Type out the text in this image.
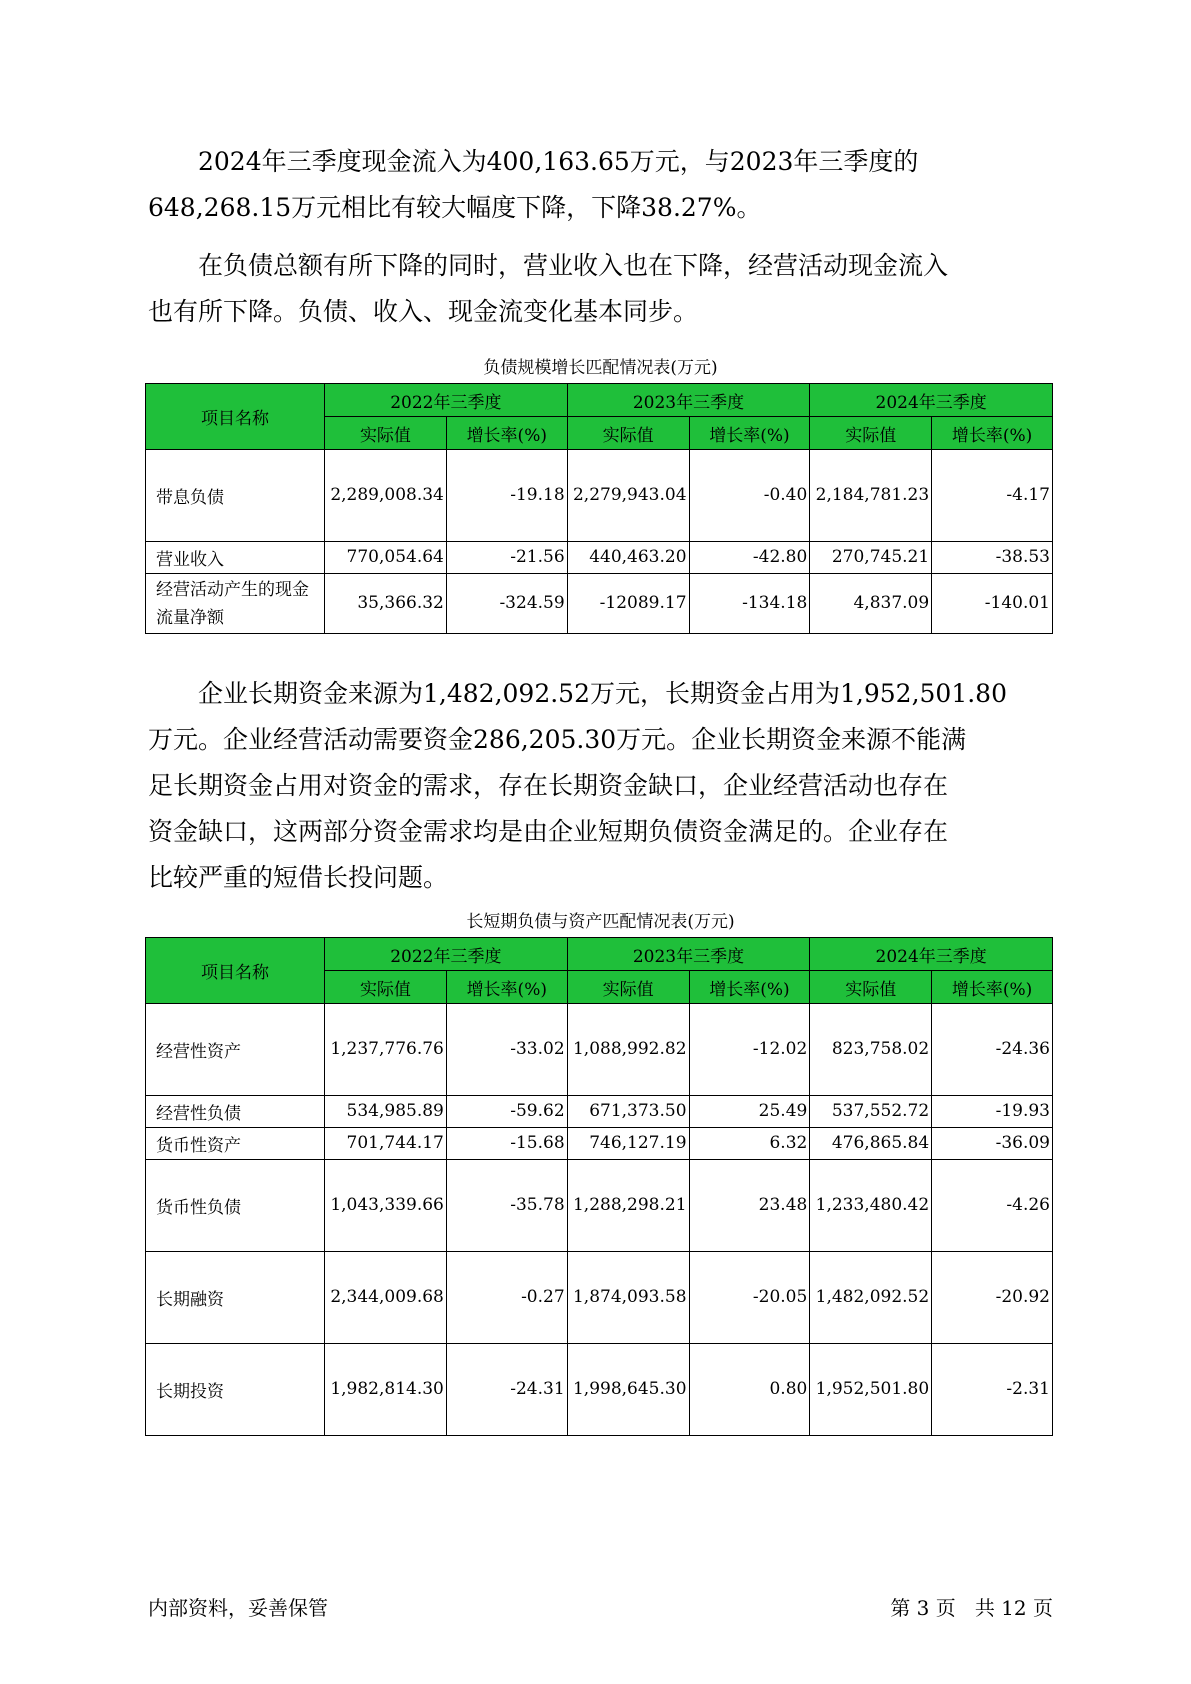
2024年三季度现金流入为400,163.65万元，与2023年三季度的

648,268.15万元相比有较大幅度下降，下降38.27%。

在负债总额有所下降的同时，营业收入也在下降，经营活动现金流入

也有所下降。负债、收入、现金流变化基本同步。

负债规模增长匹配情况表(万元)
项目名称	2022年三季度		2023年三季度		2024年三季度	
	实际值	增长率(%)	实际值	增长率(%)	实际值	增长率(%)
带息负债	2,289,008.34	-19.18	2,279,943.04	-0.40	2,184,781.23	-4.17
营业收入	770,054.64	-21.56	440,463.20	-42.80	270,745.21	-38.53
经营活动产生的现金流量净额	35,366.32	-324.59	-12089.17	-134.18	4,837.09	-140.01

企业长期资金来源为1,482,092.52万元，长期资金占用为1,952,501.80

万元。企业经营活动需要资金286,205.30万元。企业长期资金来源不能满

足长期资金占用对资金的需求，存在长期资金缺口，企业经营活动也存在

资金缺口，这两部分资金需求均是由企业短期负债资金满足的。企业存在

比较严重的短借长投问题。

长短期负债与资产匹配情况表(万元)
项目名称	2022年三季度		2023年三季度		2024年三季度	
	实际值	增长率(%)	实际值	增长率(%)	实际值	增长率(%)
经营性资产	1,237,776.76	-33.02	1,088,992.82	-12.02	823,758.02	-24.36
经营性负债	534,985.89	-59.62	671,373.50	25.49	537,552.72	-19.93
货币性资产	701,744.17	-15.68	746,127.19	6.32	476,865.84	-36.09
货币性负债	1,043,339.66	-35.78	1,288,298.21	23.48	1,233,480.42	-4.26
长期融资	2,344,009.68	-0.27	1,874,093.58	-20.05	1,482,092.52	-20.92
长期投资	1,982,814.30	-24.31	1,998,645.30	0.80	1,952,501.80	-2.31
内部资料，妥善保管	第 3 页   共 12 页
